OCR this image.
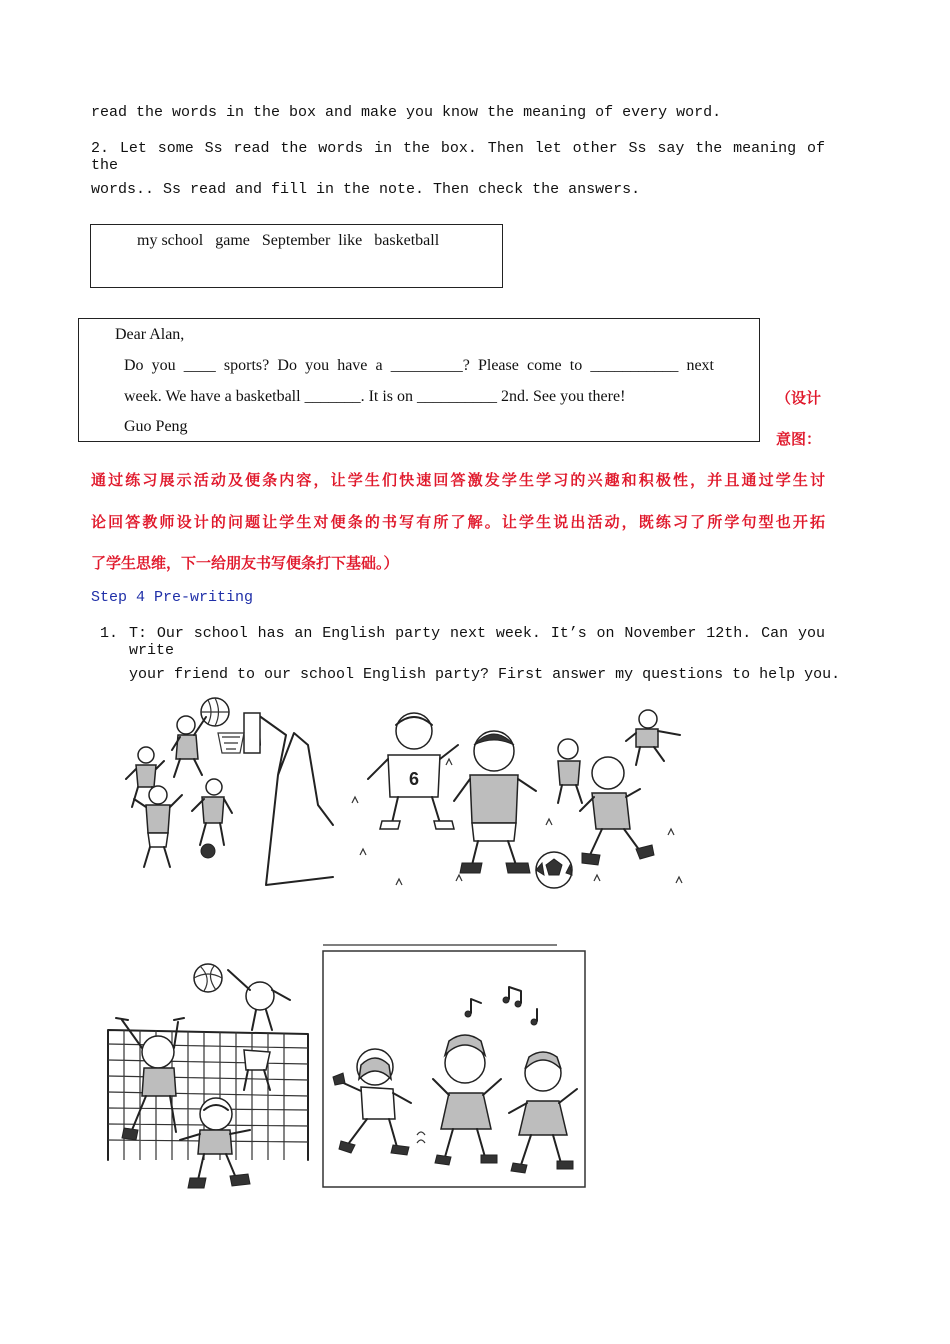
read the words in the box and make you know the meaning of every word.
2. Let some Ss read the words in the box. Then let other Ss say the meaning of the
words.. Ss read and fill in the note. Then check the answers.
my school   game   September  like   basketball
Dear Alan,
Do you ____ sports? Do you have a _________? Please come to ___________ next
week. We have a basketball _______. It is on __________ 2nd. See you there!
Guo Peng
（设计
意图：
通过练习展示活动及便条内容，让学生们快速回答激发学生学习的兴趣和积极性，并且通过学生讨
论回答教师设计的问题让学生对便条的书写有所了解。让学生说出活动，既练习了所学句型也开拓
了学生思维，下一给朋友书写便条打下基础。）
Step 4 Pre-writing
1. T: Our school has an English party next week. It’s on November 12th. Can you write
your friend to our school English party? First answer my questions to help you.
6
